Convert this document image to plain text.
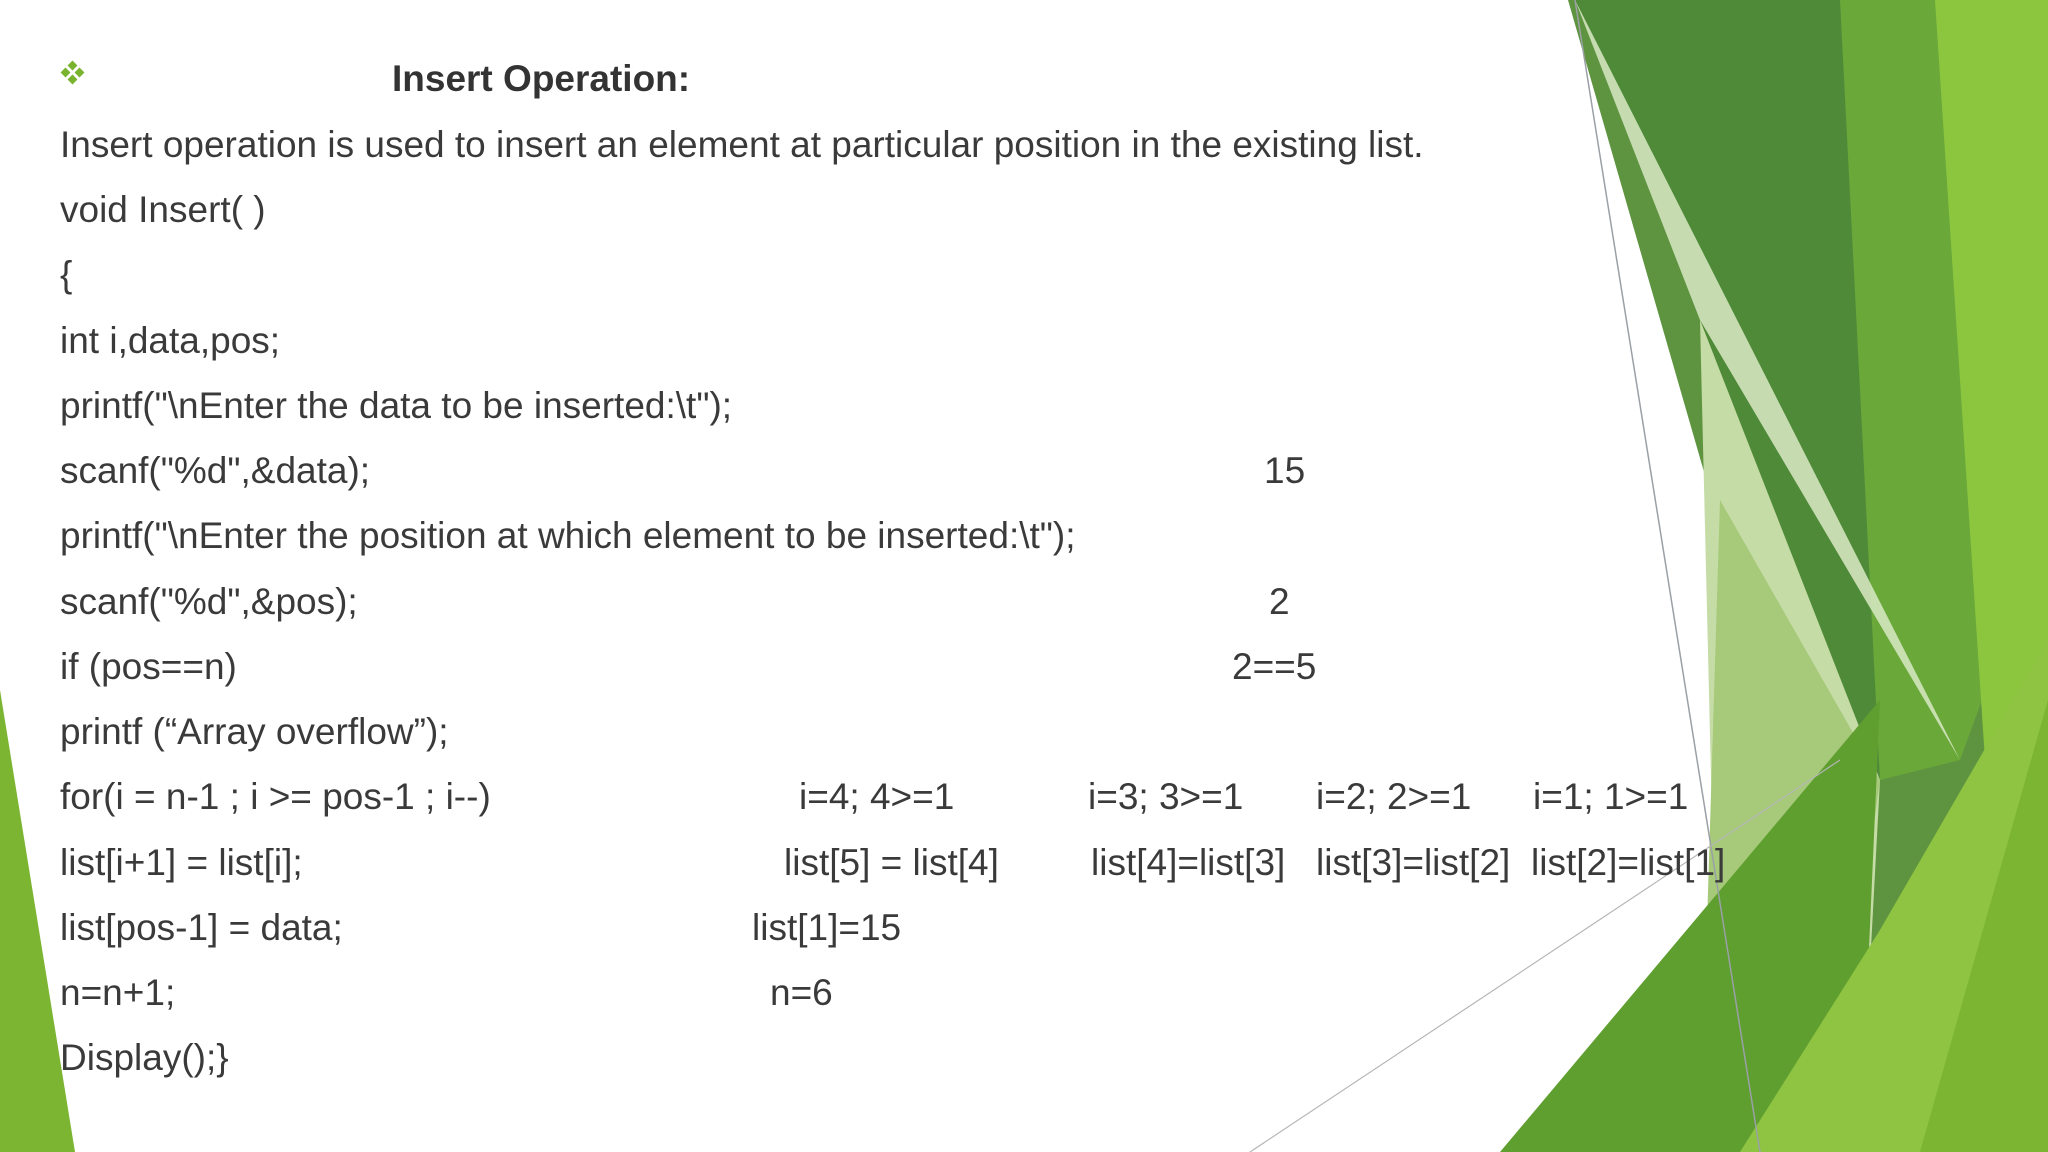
Insert Operation:
Insert operation is used to insert an element at particular position in the existing list.
void Insert( )
{
int i,data,pos;
printf("\nEnter the data to be inserted:\t");
scanf("%d",&data);
printf("\nEnter the position at which element to be inserted:\t");
scanf("%d",&pos);
if (pos==n)
printf (“Array overflow”);
for(i = n-1 ; i >= pos-1 ; i--)
list[i+1] = list[i];
list[pos-1] = data;
n=n+1;
Display();}
15
2
2==5
i=4; 4>=1	i=3; 3>=1 i=2; 2>=1 i=1; 1>=1
list[5] = list[4] list[4]=list[3] list[3]=list[2] list[2]=list[1]
list[1]=15
n=6
